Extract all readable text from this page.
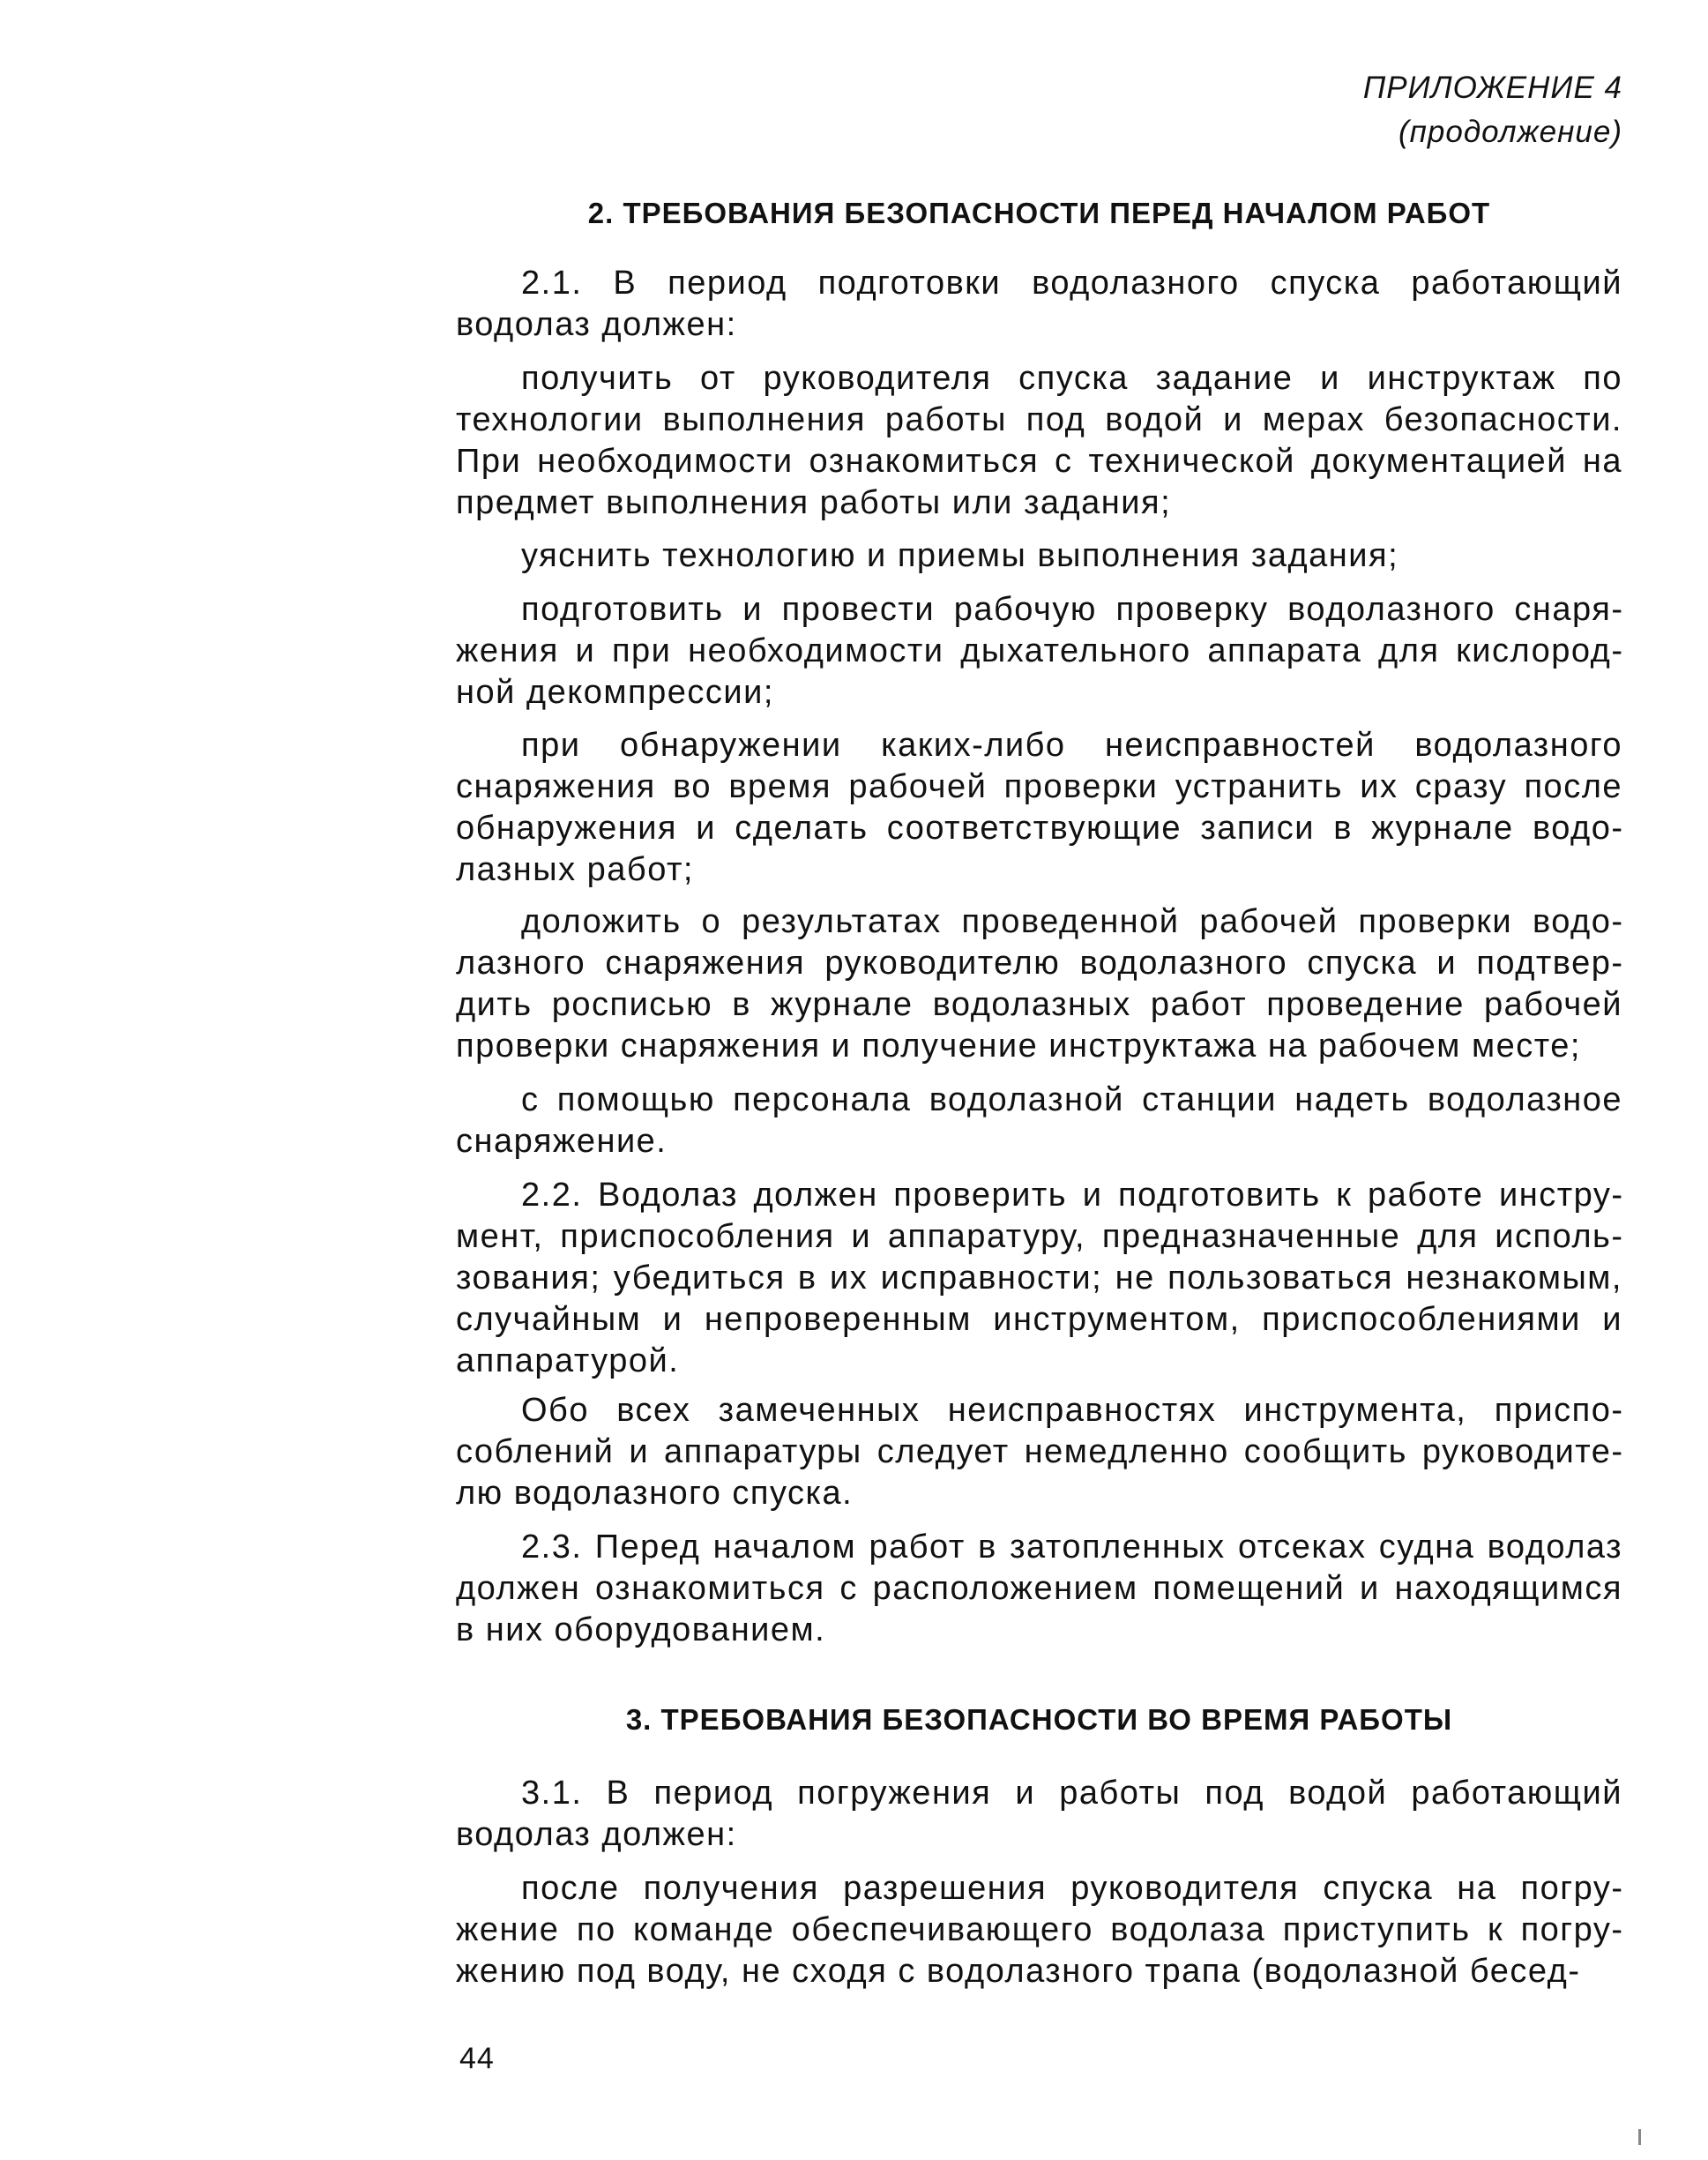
ПРИЛОЖЕНИЕ 4
(продолжение)
2. ТРЕБОВАНИЯ БЕЗОПАСНОСТИ ПЕРЕД НАЧАЛОМ РАБОТ

2.1. В период подготовки водолазного спуска работающий водолаз должен:

получить от руководителя спуска задание и инструктаж по технологии выполнения работы под водой и мерах безопасности. При необходимости ознакомиться с технической документацией на предмет выполнения работы или задания;

уяснить технологию и приемы выполнения задания;

подготовить и провести рабочую проверку водолазного снаряжения и при необходимости дыхательного аппарата для кислородной декомпрессии;

при обнаружении каких-либо неисправностей водолазного снаряжения во время рабочей проверки устранить их сразу после обнаружения и сделать соответствующие записи в журнале водолазных работ;

доложить о результатах проведенной рабочей проверки водолазного снаряжения руководителю водолазного спуска и подтвердить росписью в журнале водолазных работ проведение рабочей проверки снаряжения и получение инструктажа на рабочем месте;

с помощью персонала водолазной станции надеть водолазное снаряжение.

2.2. Водолаз должен проверить и подготовить к работе инструмент, приспособления и аппаратуру, предназначенные для использования; убедиться в их исправности; не пользоваться незнакомым, случайным и непроверенным инструментом, приспособлениями и аппаратурой.

Обо всех замеченных неисправностях инструмента, приспособлений и аппаратуры следует немедленно сообщить руководителю водолазного спуска.

2.3. Перед началом работ в затопленных отсеках судна водолаз должен ознакомиться с расположением помещений и находящимся в них оборудованием.

3. ТРЕБОВАНИЯ БЕЗОПАСНОСТИ ВО ВРЕМЯ РАБОТЫ

3.1. В период погружения и работы под водой работающий водолаз должен:

после получения разрешения руководителя спуска на погружение по команде обеспечивающего водолаза приступить к погружению под воду, не сходя с водолазного трапа (водолазной бесед-

44
